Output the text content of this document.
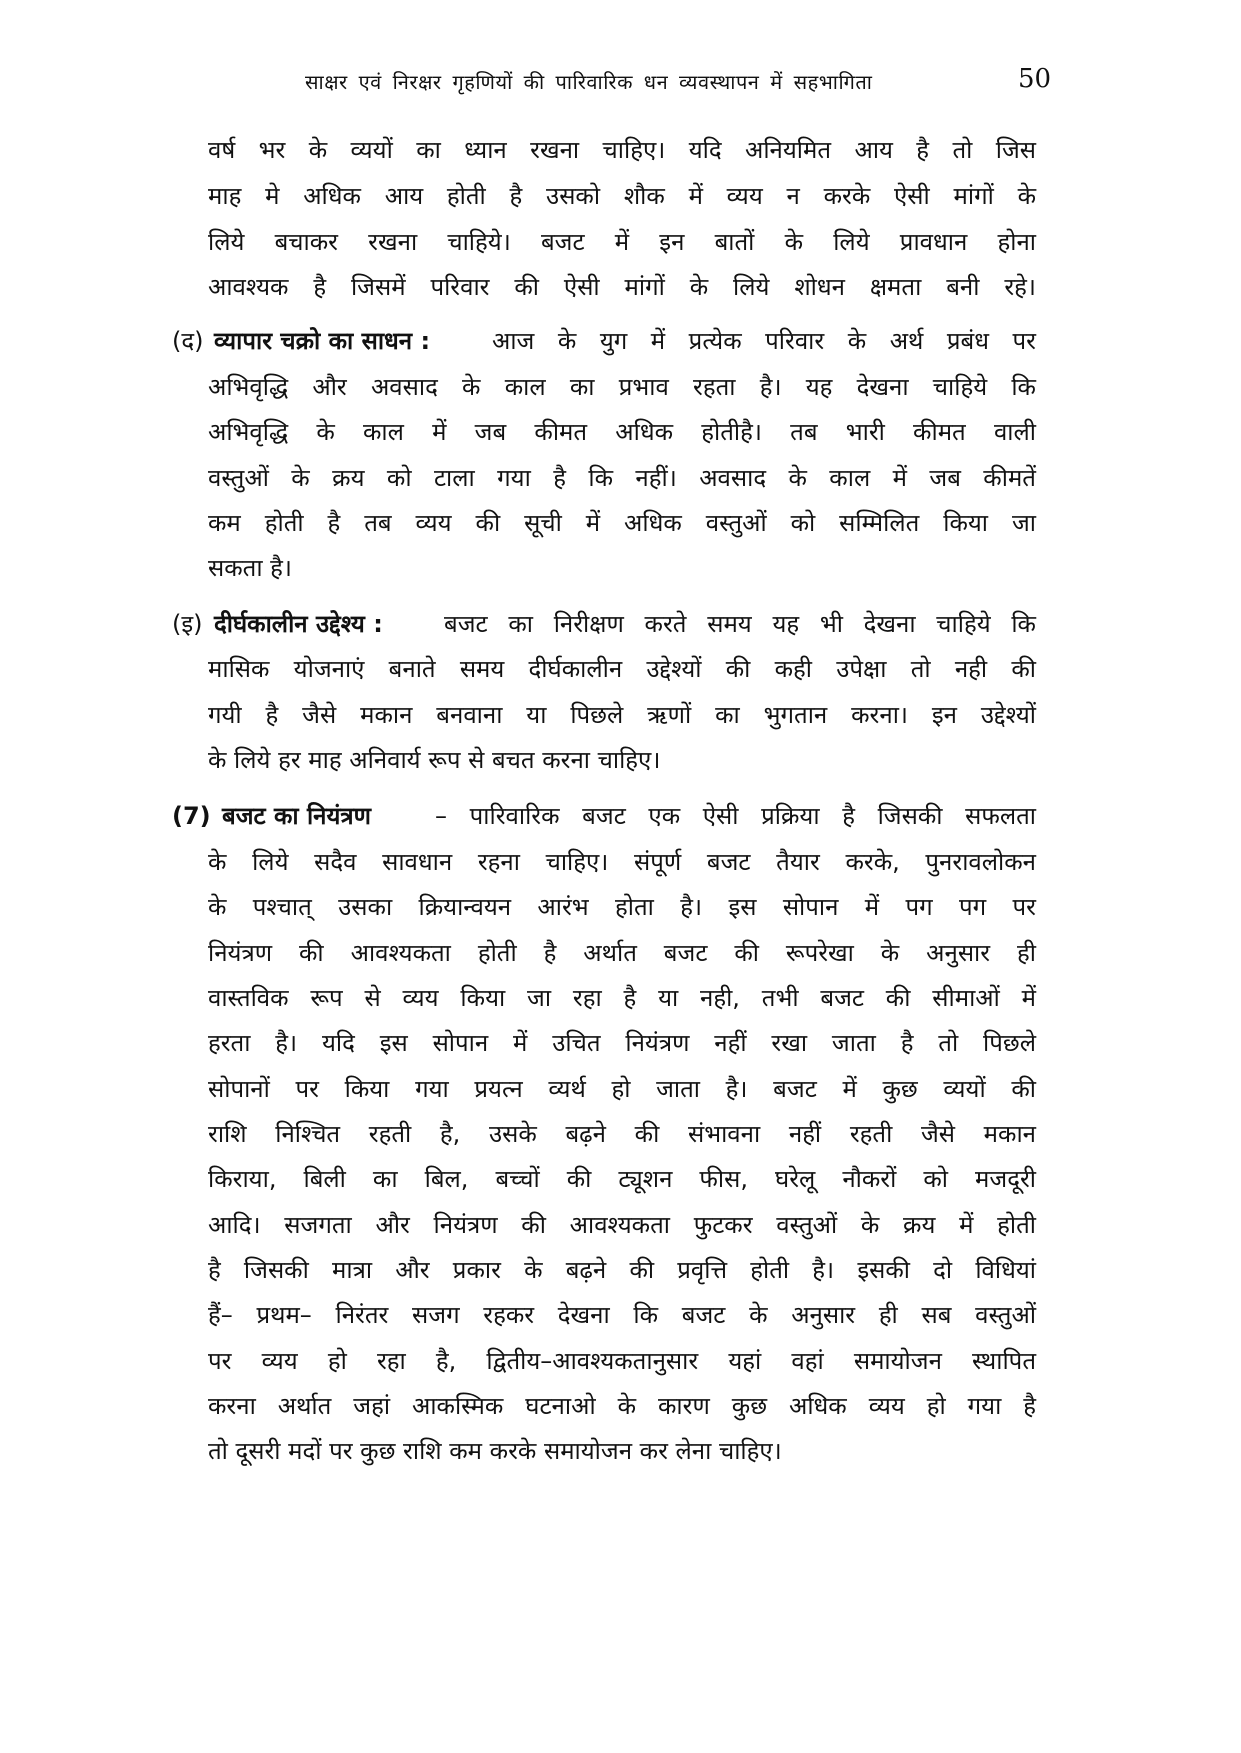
साक्षर एवं निरक्षर गृहणियों की पारिवारिक धन व्यवस्थापन में सहभागिता	50
वर्ष भर के व्ययों का ध्यान रखना चाहिए। यदि अनियमित आय है तो जिस
माह मे अधिक आय होती है उसको शौक में व्यय न करके ऐसी मांगों के
लिये बचाकर रखना चाहिये। बजट में इन बातों के लिये प्रावधान होना
आवश्यक है जिसमें परिवार की ऐसी मांगों के लिये शोधन क्षमता बनी रहे।
(द) व्यापार चक्रो का साधन :	आज के युग में प्रत्येक परिवार के अर्थ प्रबंध पर
अभिवृद्धि और अवसाद के काल का प्रभाव रहता है। यह देखना चाहिये कि
अभिवृद्धि के काल में जब कीमत अधिक होतीहै। तब भारी कीमत वाली
वस्तुओं के क्रय को टाला गया है कि नहीं। अवसाद के काल में जब कीमतें
कम होती है तब व्यय की सूची में अधिक वस्तुओं को सम्मिलित किया जा
सकता है।
(इ) दीर्घकालीन उद्देश्य :	बजट का निरीक्षण करते समय यह भी देखना चाहिये कि
मासिक योजनाएं बनाते समय दीर्घकालीन उद्देश्यों की कही उपेक्षा तो नही की
गयी है जैसे मकान बनवाना या पिछले ऋणों का भुगतान करना। इन उद्देश्यों
के लिये हर माह अनिवार्य रूप से बचत करना चाहिए।
(7) बजट का नियंत्रण	– पारिवारिक बजट एक ऐसी प्रक्रिया है जिसकी सफलता
के लिये सदैव सावधान रहना चाहिए। संपूर्ण बजट तैयार करके, पुनरावलोकन
के पश्चात् उसका क्रियान्वयन आरंभ होता है। इस सोपान में पग पग पर
नियंत्रण की आवश्यकता होती है अर्थात बजट की रूपरेखा के अनुसार ही
वास्तविक रूप से व्यय किया जा रहा है या नही, तभी बजट की सीमाओं में
हरता है। यदि इस सोपान में उचित नियंत्रण नहीं रखा जाता है तो पिछले
सोपानों पर किया गया प्रयत्न व्यर्थ हो जाता है। बजट में कुछ व्ययों की
राशि निश्चित रहती है, उसके बढ़ने की संभावना नहीं रहती जैसे मकान
किराया, बिली का बिल, बच्चों की ट्यूशन फीस, घरेलू नौकरों को मजदूरी
आदि। सजगता और नियंत्रण की आवश्यकता फुटकर वस्तुओं के क्रय में होती
है जिसकी मात्रा और प्रकार के बढ़ने की प्रवृत्ति होती है। इसकी दो विधियां
हैं– प्रथम– निरंतर सजग रहकर देखना कि बजट के अनुसार ही सब वस्तुओं
पर व्यय हो रहा है, द्वितीय–आवश्यकतानुसार यहां वहां समायोजन स्थापित
करना अर्थात जहां आकस्मिक घटनाओ के कारण कुछ अधिक व्यय हो गया है
तो दूसरी मदों पर कुछ राशि कम करके समायोजन कर लेना चाहिए।
